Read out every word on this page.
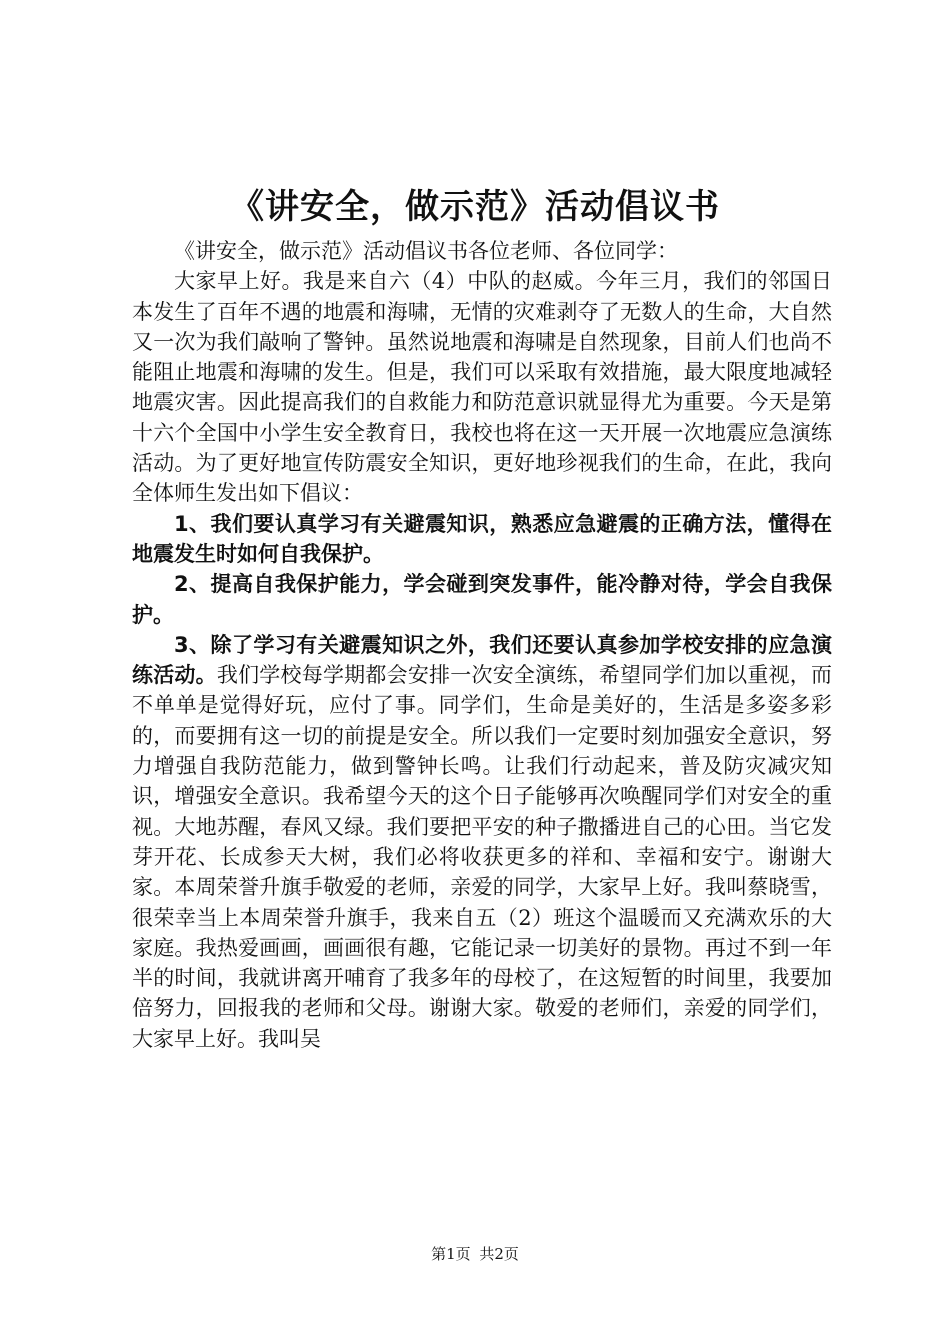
《讲安全，做示范》活动倡议书

《讲安全，做示范》活动倡议书各位老师、各位同学：

大家早上好。我是来自六（4）中队的赵威。今年三月，我们的邻国日本发生了百年不遇的地震和海啸，无情的灾难剥夺了无数人的生命，大自然又一次为我们敲响了警钟。虽然说地震和海啸是自然现象，目前人们也尚不能阻止地震和海啸的发生。但是，我们可以采取有效措施，最大限度地减轻地震灾害。因此提高我们的自救能力和防范意识就显得尤为重要。今天是第十六个全国中小学生安全教育日，我校也将在这一天开展一次地震应急演练活动。为了更好地宣传防震安全知识，更好地珍视我们的生命，在此，我向全体师生发出如下倡议：

1、我们要认真学习有关避震知识，熟悉应急避震的正确方法，懂得在地震发生时如何自我保护。

2、提高自我保护能力，学会碰到突发事件，能冷静对待，学会自我保护。

3、除了学习有关避震知识之外，我们还要认真参加学校安排的应急演练活动。我们学校每学期都会安排一次安全演练，希望同学们加以重视，而不单单是觉得好玩，应付了事。同学们，生命是美好的，生活是多姿多彩的，而要拥有这一切的前提是安全。所以我们一定要时刻加强安全意识，努力增强自我防范能力，做到警钟长鸣。让我们行动起来，普及防灾减灾知识，增强安全意识。我希望今天的这个日子能够再次唤醒同学们对安全的重视。大地苏醒，春风又绿。我们要把平安的种子撒播进自己的心田。当它发芽开花、长成参天大树，我们必将收获更多的祥和、幸福和安宁。谢谢大家。本周荣誉升旗手敬爱的老师，亲爱的同学，大家早上好。我叫蔡晓雪，很荣幸当上本周荣誉升旗手，我来自五（2）班这个温暖而又充满欢乐的大家庭。我热爱画画，画画很有趣，它能记录一切美好的景物。再过不到一年半的时间，我就讲离开哺育了我多年的母校了，在这短暂的时间里，我要加倍努力，回报我的老师和父母。谢谢大家。敬爱的老师们，亲爱的同学们，大家早上好。我叫吴

第1页 共2页
